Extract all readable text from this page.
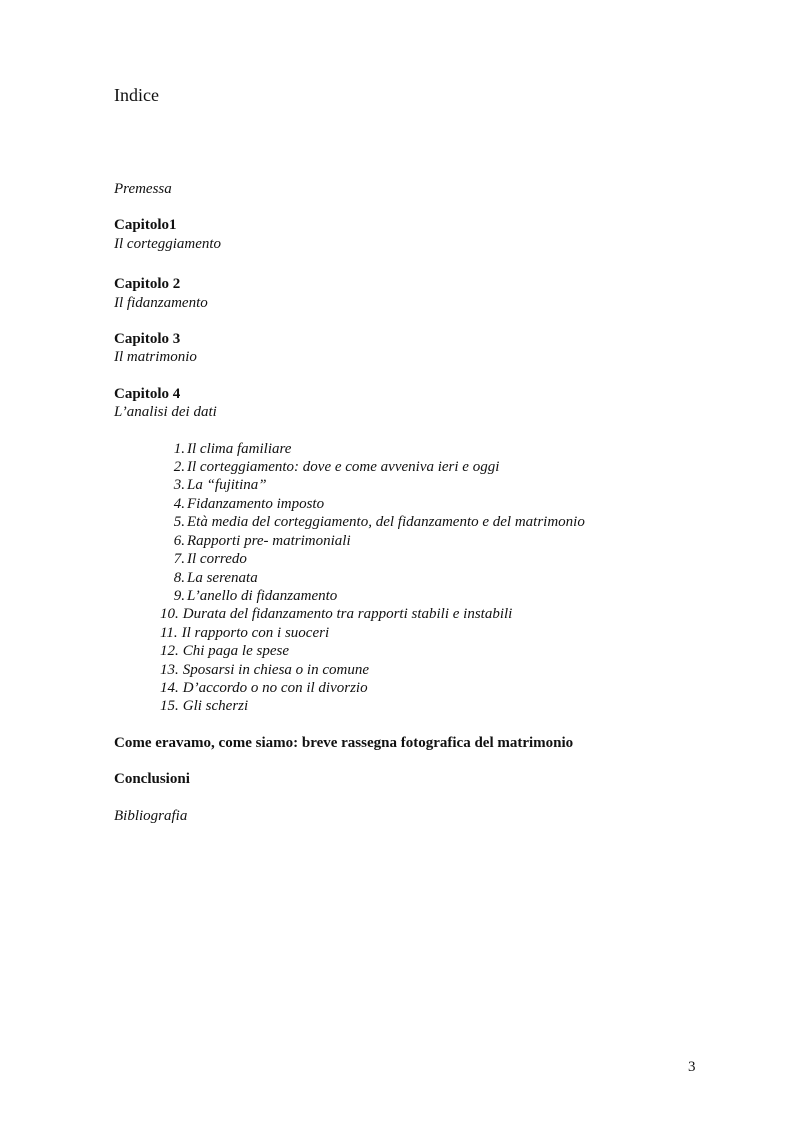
Indice

Premessa

Capitolo1

Il corteggiamento

Capitolo 2

Il fidanzamento

Capitolo 3

Il matrimonio

Capitolo 4

L’analisi dei dati

1. Il clima familiare
2. Il corteggiamento: dove e come avveniva ieri e oggi
3. La “fujitina”
4. Fidanzamento imposto
5. Età media del corteggiamento, del fidanzamento e del matrimonio
6. Rapporti pre- matrimoniali
7. Il corredo
8. La serenata
9. L’anello di fidanzamento
10. Durata del fidanzamento tra rapporti stabili e instabili
11. Il rapporto con i suoceri
12. Chi paga le spese
13. Sposarsi in chiesa o in comune
14. D’accordo o no con il divorzio
15. Gli scherzi

Come eravamo, come siamo: breve rassegna fotografica del matrimonio

Conclusioni

Bibliografia

3
